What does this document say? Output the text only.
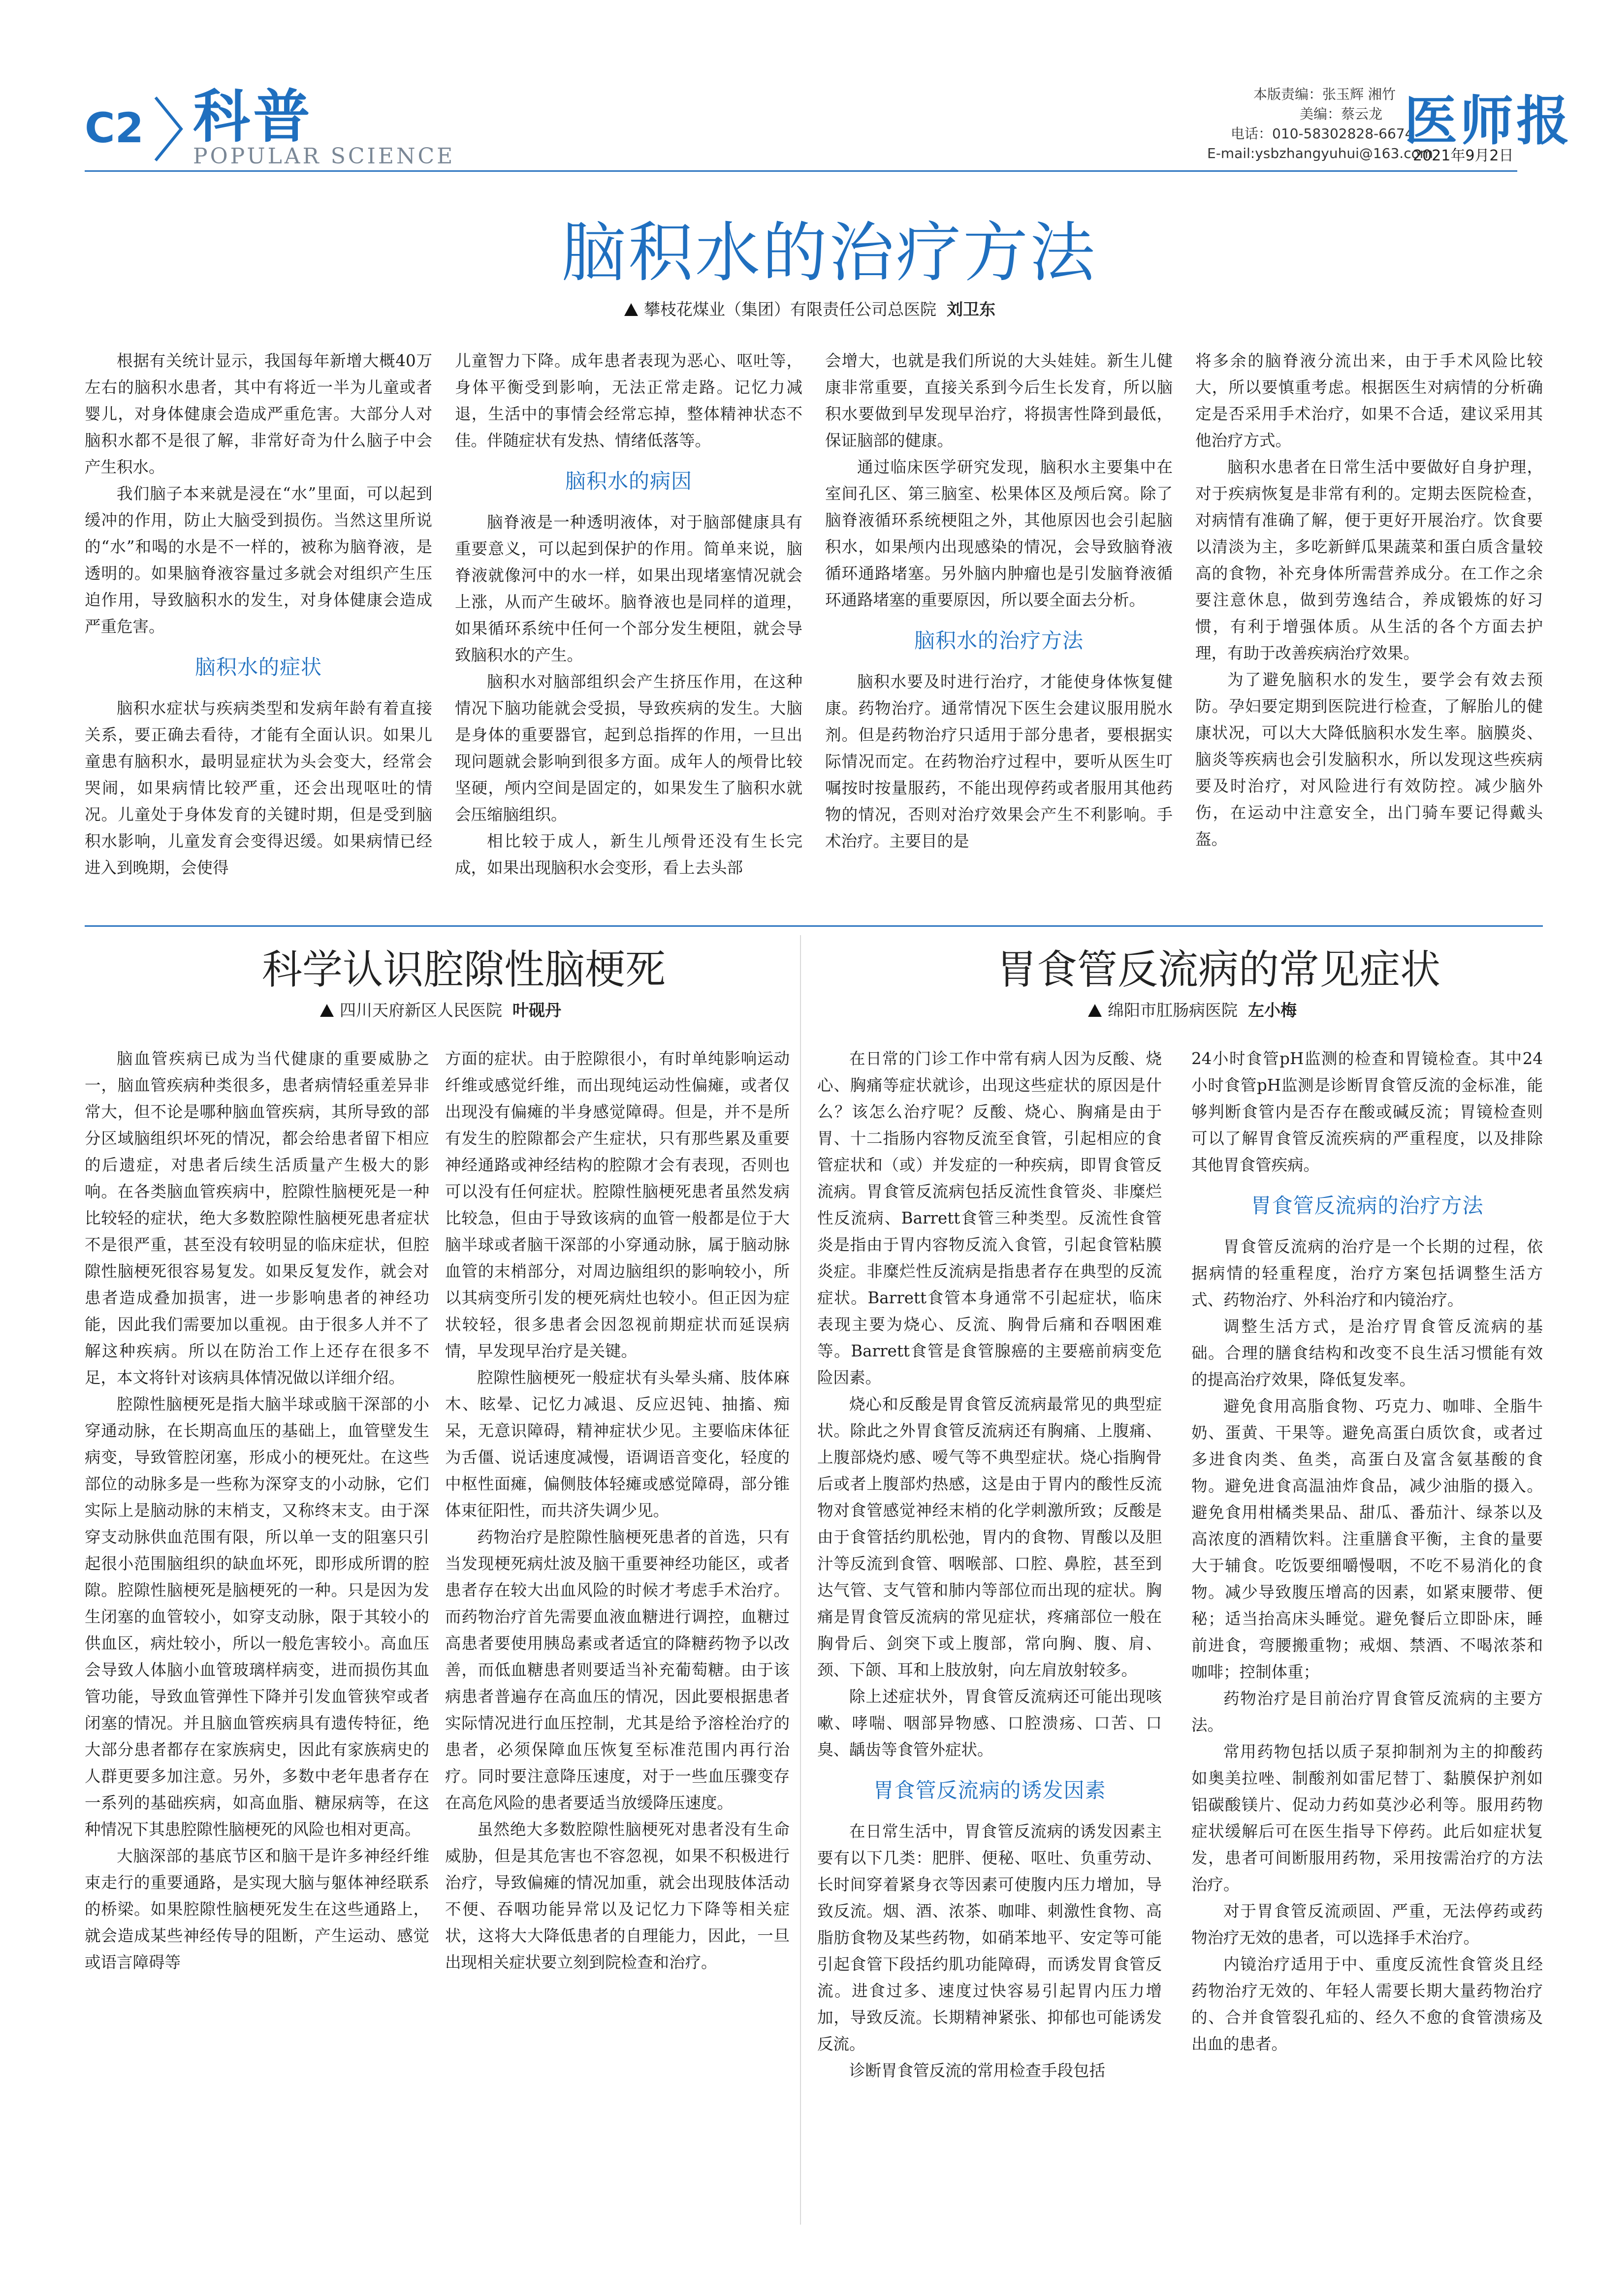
C2 科普
POPULAR SCIENCE
本版责编：张玉辉 湘竹
美编：蔡云龙
电话：010-58302828-6674
E-mail:ysbzhangyuhui@163.com
医师报
2021年9月2日
脑积水的治疗方法
攀枝花煤业（集团）有限责任公司总医院 刘卫东

根据有关统计显示，我国每年新增大概40万左右的脑积水患者，其中有将近一半为儿童或者婴儿，对身体健康会造成严重危害。大部分人对脑积水都不是很了解，非常好奇为什么脑子中会产生积水。

我们脑子本来就是浸在“水”里面，可以起到缓冲的作用，防止大脑受到损伤。当然这里所说的“水”和喝的水是不一样的，被称为脑脊液，是透明的。如果脑脊液容量过多就会对组织产生压迫作用，导致脑积水的发生，对身体健康会造成严重危害。

脑积水的症状

脑积水症状与疾病类型和发病年龄有着直接关系，要正确去看待，才能有全面认识。如果儿童患有脑积水，最明显症状为头会变大，经常会哭闹，如果病情比较严重，还会出现呕吐的情况。儿童处于身体发育的关键时期，但是受到脑积水影响，儿童发育会变得迟缓。如果病情已经进入到晚期，会使得

儿童智力下降。成年患者表现为恶心、呕吐等，身体平衡受到影响，无法正常走路。记忆力减退，生活中的事情会经常忘掉，整体精神状态不佳。伴随症状有发热、情绪低落等。

脑积水的病因

脑脊液是一种透明液体，对于脑部健康具有重要意义，可以起到保护的作用。简单来说，脑脊液就像河中的水一样，如果出现堵塞情况就会上涨，从而产生破坏。脑脊液也是同样的道理，如果循环系统中任何一个部分发生梗阻，就会导致脑积水的产生。

脑积水对脑部组织会产生挤压作用，在这种情况下脑功能就会受损，导致疾病的发生。大脑是身体的重要器官，起到总指挥的作用，一旦出现问题就会影响到很多方面。成年人的颅骨比较坚硬，颅内空间是固定的，如果发生了脑积水就会压缩脑组织。

相比较于成人，新生儿颅骨还没有生长完成，如果出现脑积水会变形，看上去头部

会增大，也就是我们所说的大头娃娃。新生儿健康非常重要，直接关系到今后生长发育，所以脑积水要做到早发现早治疗，将损害性降到最低，保证脑部的健康。

通过临床医学研究发现，脑积水主要集中在室间孔区、第三脑室、松果体区及颅后窝。除了脑脊液循环系统梗阻之外，其他原因也会引起脑积水，如果颅内出现感染的情况，会导致脑脊液循环通路堵塞。另外脑内肿瘤也是引发脑脊液循环通路堵塞的重要原因，所以要全面去分析。

脑积水的治疗方法

脑积水要及时进行治疗，才能使身体恢复健康。药物治疗。通常情况下医生会建议服用脱水剂。但是药物治疗只适用于部分患者，要根据实际情况而定。在药物治疗过程中，要听从医生叮嘱按时按量服药，不能出现停药或者服用其他药物的情况，否则对治疗效果会产生不利影响。手术治疗。主要目的是

将多余的脑脊液分流出来，由于手术风险比较大，所以要慎重考虑。根据医生对病情的分析确定是否采用手术治疗，如果不合适，建议采用其他治疗方式。

脑积水患者在日常生活中要做好自身护理，对于疾病恢复是非常有利的。定期去医院检查，对病情有准确了解，便于更好开展治疗。饮食要以清淡为主，多吃新鲜瓜果蔬菜和蛋白质含量较高的食物，补充身体所需营养成分。在工作之余要注意休息，做到劳逸结合，养成锻炼的好习惯，有利于增强体质。从生活的各个方面去护理，有助于改善疾病治疗效果。

为了避免脑积水的发生，要学会有效去预防。孕妇要定期到医院进行检查，了解胎儿的健康状况，可以大大降低脑积水发生率。脑膜炎、脑炎等疾病也会引发脑积水，所以发现这些疾病要及时治疗，对风险进行有效防控。减少脑外伤，在运动中注意安全，出门骑车要记得戴头盔。

科学认识腔隙性脑梗死
四川天府新区人民医院 叶砚丹

脑血管疾病已成为当代健康的重要威胁之一，脑血管疾病种类很多，患者病情轻重差异非常大，但不论是哪种脑血管疾病，其所导致的部分区域脑组织坏死的情况，都会给患者留下相应的后遗症，对患者后续生活质量产生极大的影响。在各类脑血管疾病中，腔隙性脑梗死是一种比较轻的症状，绝大多数腔隙性脑梗死患者症状不是很严重，甚至没有较明显的临床症状，但腔隙性脑梗死很容易复发。如果反复发作，就会对患者造成叠加损害，进一步影响患者的神经功能，因此我们需要加以重视。由于很多人并不了解这种疾病。所以在防治工作上还存在很多不足，本文将针对该病具体情况做以详细介绍。

腔隙性脑梗死是指大脑半球或脑干深部的小穿通动脉，在长期高血压的基础上，血管壁发生病变，导致管腔闭塞，形成小的梗死灶。在这些部位的动脉多是一些称为深穿支的小动脉，它们实际上是脑动脉的末梢支，又称终末支。由于深穿支动脉供血范围有限，所以单一支的阻塞只引起很小范围脑组织的缺血坏死，即形成所谓的腔隙。腔隙性脑梗死是脑梗死的一种。只是因为发生闭塞的血管较小，如穿支动脉，限于其较小的供血区，病灶较小，所以一般危害较小。高血压会导致人体脑小血管玻璃样病变，进而损伤其血管功能，导致血管弹性下降并引发血管狭窄或者闭塞的情况。并且脑血管疾病具有遗传特征，绝大部分患者都存在家族病史，因此有家族病史的人群更要多加注意。另外，多数中老年患者存在一系列的基础疾病，如高血脂、糖尿病等，在这种情况下其患腔隙性脑梗死的风险也相对更高。

大脑深部的基底节区和脑干是许多神经纤维束走行的重要通路，是实现大脑与躯体神经联系的桥梁。如果腔隙性脑梗死发生在这些通路上，就会造成某些神经传导的阻断，产生运动、感觉或语言障碍等

方面的症状。由于腔隙很小，有时单纯影响运动纤维或感觉纤维，而出现纯运动性偏瘫，或者仅出现没有偏瘫的半身感觉障碍。但是，并不是所有发生的腔隙都会产生症状，只有那些累及重要神经通路或神经结构的腔隙才会有表现，否则也可以没有任何症状。腔隙性脑梗死患者虽然发病比较急，但由于导致该病的血管一般都是位于大脑半球或者脑干深部的小穿通动脉，属于脑动脉血管的末梢部分，对周边脑组织的影响较小，所以其病变所引发的梗死病灶也较小。但正因为症状较轻，很多患者会因忽视前期症状而延误病情，早发现早治疗是关键。

腔隙性脑梗死一般症状有头晕头痛、肢体麻木、眩晕、记忆力减退、反应迟钝、抽搐、痴呆，无意识障碍，精神症状少见。主要临床体征为舌僵、说话速度减慢，语调语音变化，轻度的中枢性面瘫，偏侧肢体轻瘫或感觉障碍，部分锥体束征阳性，而共济失调少见。

药物治疗是腔隙性脑梗死患者的首选，只有当发现梗死病灶波及脑干重要神经功能区，或者患者存在较大出血风险的时候才考虑手术治疗。而药物治疗首先需要血液血糖进行调控，血糖过高患者要使用胰岛素或者适宜的降糖药物予以改善，而低血糖患者则要适当补充葡萄糖。由于该病患者普遍存在高血压的情况，因此要根据患者实际情况进行血压控制，尤其是给予溶栓治疗的患者，必须保障血压恢复至标准范围内再行治疗。同时要注意降压速度，对于一些血压骤变存在高危风险的患者要适当放缓降压速度。

虽然绝大多数腔隙性脑梗死对患者没有生命威胁，但是其危害也不容忽视，如果不积极进行治疗，导致偏瘫的情况加重，就会出现肢体活动不便、吞咽功能异常以及记忆力下降等相关症状，这将大大降低患者的自理能力，因此，一旦出现相关症状要立刻到院检查和治疗。

胃食管反流病的常见症状
绵阳市肛肠病医院 左小梅

在日常的门诊工作中常有病人因为反酸、烧心、胸痛等症状就诊，出现这些症状的原因是什么？该怎么治疗呢？反酸、烧心、胸痛是由于胃、十二指肠内容物反流至食管，引起相应的食管症状和（或）并发症的一种疾病，即胃食管反流病。胃食管反流病包括反流性食管炎、非糜烂性反流病、Barrett食管三种类型。反流性食管炎是指由于胃内容物反流入食管，引起食管粘膜炎症。非糜烂性反流病是指患者存在典型的反流症状。Barrett食管本身通常不引起症状，临床表现主要为烧心、反流、胸骨后痛和吞咽困难等。Barrett食管是食管腺癌的主要癌前病变危险因素。

烧心和反酸是胃食管反流病最常见的典型症状。除此之外胃食管反流病还有胸痛、上腹痛、上腹部烧灼感、嗳气等不典型症状。烧心指胸骨后或者上腹部灼热感，这是由于胃内的酸性反流物对食管感觉神经末梢的化学刺激所致；反酸是由于食管括约肌松弛，胃内的食物、胃酸以及胆汁等反流到食管、咽喉部、口腔、鼻腔，甚至到达气管、支气管和肺内等部位而出现的症状。胸痛是胃食管反流病的常见症状，疼痛部位一般在胸骨后、剑突下或上腹部，常向胸、腹、肩、颈、下颌、耳和上肢放射，向左肩放射较多。

除上述症状外，胃食管反流病还可能出现咳嗽、哮喘、咽部异物感、口腔溃疡、口苦、口臭、龋齿等食管外症状。

胃食管反流病的诱发因素

在日常生活中，胃食管反流病的诱发因素主要有以下几类：肥胖、便秘、呕吐、负重劳动、长时间穿着紧身衣等因素可使腹内压力增加，导致反流。烟、酒、浓茶、咖啡、刺激性食物、高脂肪食物及某些药物，如硝苯地平、安定等可能引起食管下段括约肌功能障碍，而诱发胃食管反流。进食过多、速度过快容易引起胃内压力增加，导致反流。长期精神紧张、抑郁也可能诱发反流。

诊断胃食管反流的常用检查手段包括

24小时食管pH监测的检查和胃镜检查。其中24小时食管pH监测是诊断胃食管反流的金标准，能够判断食管内是否存在酸或碱反流；胃镜检查则可以了解胃食管反流疾病的严重程度，以及排除其他胃食管疾病。

胃食管反流病的治疗方法

胃食管反流病的治疗是一个长期的过程，依据病情的轻重程度，治疗方案包括调整生活方式、药物治疗、外科治疗和内镜治疗。

调整生活方式，是治疗胃食管反流病的基础。合理的膳食结构和改变不良生活习惯能有效的提高治疗效果，降低复发率。

避免食用高脂食物、巧克力、咖啡、全脂牛奶、蛋黄、干果等。避免高蛋白质饮食，或者过多进食肉类、鱼类，高蛋白及富含氨基酸的食物。避免进食高温油炸食品，减少油脂的摄入。避免食用柑橘类果品、甜瓜、番茄汁、绿茶以及高浓度的酒精饮料。注重膳食平衡，主食的量要大于辅食。吃饭要细嚼慢咽，不吃不易消化的食物。减少导致腹压增高的因素，如紧束腰带、便秘；适当抬高床头睡觉。避免餐后立即卧床，睡前进食，弯腰搬重物；戒烟、禁酒、不喝浓茶和咖啡；控制体重；

药物治疗是目前治疗胃食管反流病的主要方法。

常用药物包括以质子泵抑制剂为主的抑酸药如奥美拉唑、制酸剂如雷尼替丁、黏膜保护剂如铝碳酸镁片、促动力药如莫沙必利等。服用药物症状缓解后可在医生指导下停药。此后如症状复发，患者可间断服用药物，采用按需治疗的方法治疗。

对于胃食管反流顽固、严重，无法停药或药物治疗无效的患者，可以选择手术治疗。

内镜治疗适用于中、重度反流性食管炎且经药物治疗无效的、年轻人需要长期大量药物治疗的、合并食管裂孔疝的、经久不愈的食管溃疡及出血的患者。
